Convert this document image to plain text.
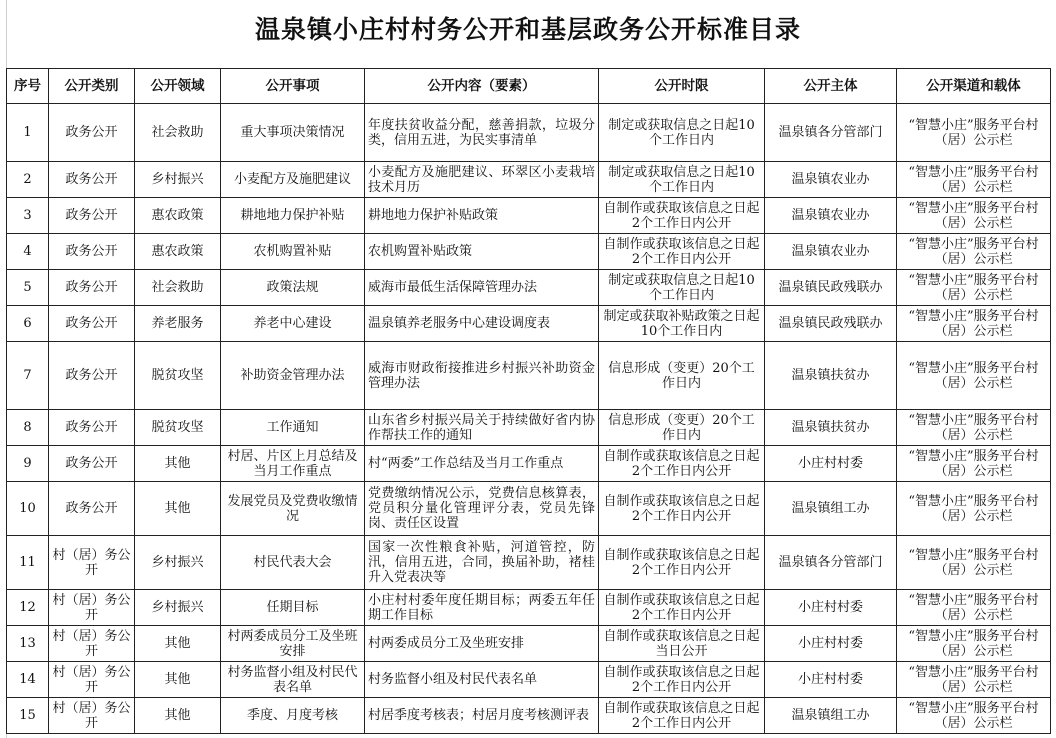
温泉镇小庄村村务公开和基层政务公开标准目录
序号	公开类别	公开领域	公开事项	公开内容（要素）	公开时限	公开主体	公开渠道和载体
1	政务公开	社会救助	重大事项决策情况	年度扶贫收益分配，慈善捐款，垃圾分类，信用五进，为民实事清单	制定或获取信息之日起10个工作日内	温泉镇各分管部门	“智慧小庄”服务平台村（居）公示栏
2	政务公开	乡村振兴	小麦配方及施肥建议	小麦配方及施肥建议、环翠区小麦栽培技术月历	制定或获取信息之日起10个工作日内	温泉镇农业办	“智慧小庄”服务平台村（居）公示栏
3	政务公开	惠农政策	耕地地力保护补贴	耕地地力保护补贴政策	自制作或获取该信息之日起2个工作日内公开	温泉镇农业办	“智慧小庄”服务平台村（居）公示栏
4	政务公开	惠农政策	农机购置补贴	农机购置补贴政策	自制作或获取该信息之日起2个工作日内公开	温泉镇农业办	“智慧小庄”服务平台村（居）公示栏
5	政务公开	社会救助	政策法规	威海市最低生活保障管理办法	制定或获取信息之日起10个工作日内	温泉镇民政残联办	“智慧小庄”服务平台村（居）公示栏
6	政务公开	养老服务	养老中心建设	温泉镇养老服务中心建设调度表	制定或获取补贴政策之日起10个工作日内	温泉镇民政残联办	“智慧小庄”服务平台村（居）公示栏
7	政务公开	脱贫攻坚	补助资金管理办法	威海市财政衔接推进乡村振兴补助资金管理办法	信息形成（变更）20个工作日内	温泉镇扶贫办	“智慧小庄”服务平台村（居）公示栏
8	政务公开	脱贫攻坚	工作通知	山东省乡村振兴局关于持续做好省内协作帮扶工作的通知	信息形成（变更）20个工作日内	温泉镇扶贫办	“智慧小庄”服务平台村（居）公示栏
9	政务公开	其他	村居、片区上月总结及当月工作重点	村“两委”工作总结及当月工作重点	自制作或获取该信息之日起2个工作日内公开	小庄村村委	“智慧小庄”服务平台村（居）公示栏
10	政务公开	其他	发展党员及党费收缴情况	党费缴纳情况公示，党费信息核算表，党员积分量化管理评分表，党员先锋岗、责任区设置	自制作或获取该信息之日起2个工作日内公开	温泉镇组工办	“智慧小庄”服务平台村（居）公示栏
11	村（居）务公开	乡村振兴	村民代表大会	国家一次性粮食补贴，河道管控，防汛，信用五进，合同，换届补助，褚桂升入党表决等	自制作或获取该信息之日起2个工作日内公开	温泉镇各分管部门	“智慧小庄”服务平台村（居）公示栏
12	村（居）务公开	乡村振兴	任期目标	小庄村村委年度任期目标；两委五年任期工作目标	自制作或获取该信息之日起2个工作日内公开	小庄村村委	“智慧小庄”服务平台村（居）公示栏
13	村（居）务公开	其他	村两委成员分工及坐班安排	村两委成员分工及坐班安排	自制作或获取该信息之日起当日公开	小庄村村委	“智慧小庄”服务平台村（居）公示栏
14	村（居）务公开	其他	村务监督小组及村民代表名单	村务监督小组及村民代表名单	自制作或获取该信息之日起2个工作日内公开	小庄村村委	“智慧小庄”服务平台村（居）公示栏
15	村（居）务公开	其他	季度、月度考核	村居季度考核表；村居月度考核测评表	自制作或获取该信息之日起2个工作日内公开	温泉镇组工办	“智慧小庄”服务平台村（居）公示栏
